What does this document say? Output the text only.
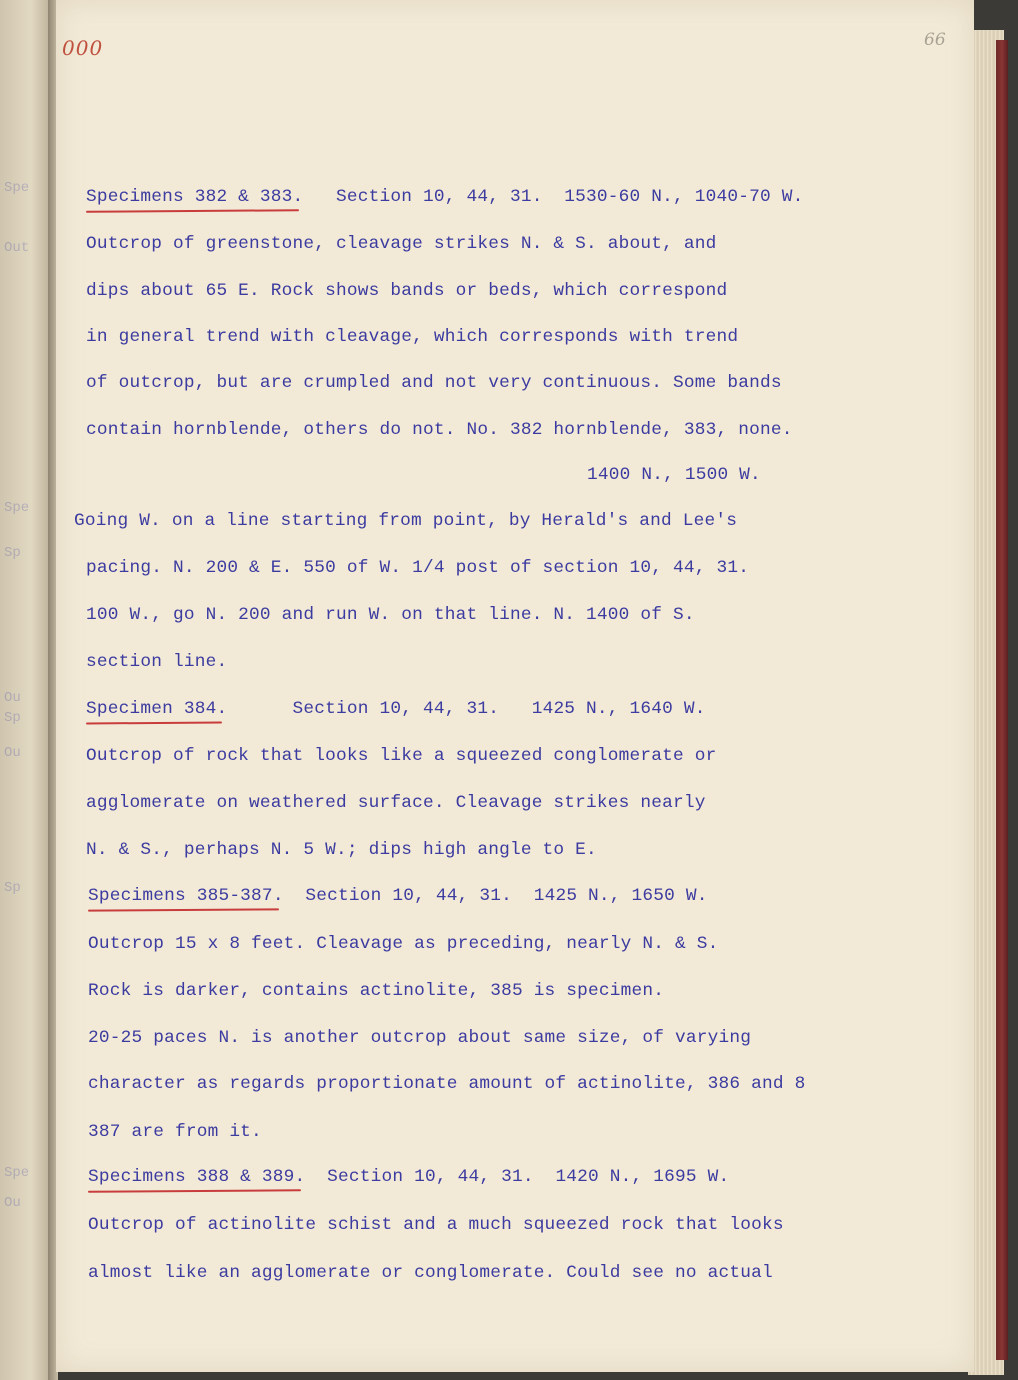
Spe
Out
Spe
Sp
Ou
Sp
Ou
Sp
Ou
Spe
000	66
Specimens 382 & 383.   Section 10, 44, 31.  1530-60 N., 1040-70 W.
Outcrop of greenstone, cleavage strikes N. & S. about, and
dips about 65 E. Rock shows bands or beds, which correspond
in general trend with cleavage, which corresponds with trend
of outcrop, but are crumpled and not very continuous. Some bands
contain hornblende, others do not. No. 382 hornblende, 383, none.
1400 N., 1500 W.
Going W. on a line starting from point, by Herald's and Lee's
pacing. N. 200 & E. 550 of W. 1/4 post of section 10, 44, 31.
100 W., go N. 200 and run W. on that line. N. 1400 of S.
section line.
Specimen 384.      Section 10, 44, 31.   1425 N., 1640 W.
Outcrop of rock that looks like a squeezed conglomerate or
agglomerate on weathered surface. Cleavage strikes nearly
N. & S., perhaps N. 5 W.; dips high angle to E.
Specimens 385-387.  Section 10, 44, 31.  1425 N., 1650 W.
Outcrop 15 x 8 feet. Cleavage as preceding, nearly N. & S.
Rock is darker, contains actinolite, 385 is specimen.
20-25 paces N. is another outcrop about same size, of varying
character as regards proportionate amount of actinolite, 386 and 8
387 are from it.
Specimens 388 & 389.  Section 10, 44, 31.  1420 N., 1695 W.
Outcrop of actinolite schist and a much squeezed rock that looks
almost like an agglomerate or conglomerate. Could see no actual
